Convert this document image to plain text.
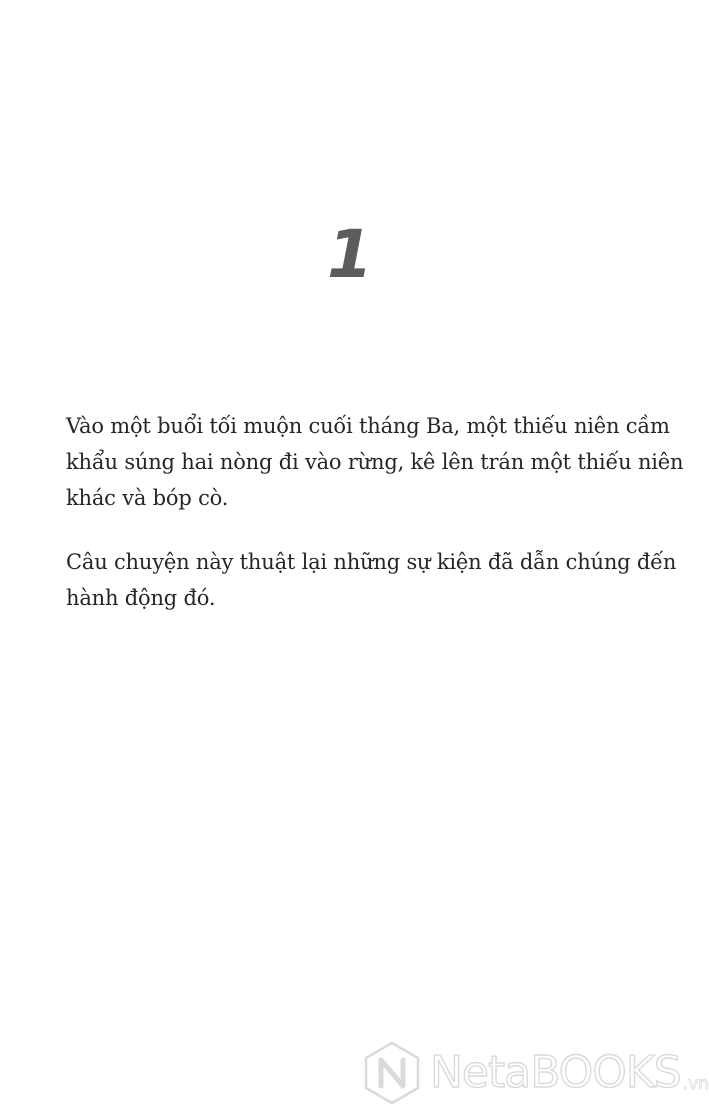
1

Vào một buổi tối muộn cuối tháng Ba, một thiếu niên cầm
khẩu súng hai nòng đi vào rừng, kê lên trán một thiếu niên
khác và bóp cò.

Câu chuyện này thuật lại những sự kiện đã dẫn chúng đến
hành động đó.

NetaBOOKS .vn
